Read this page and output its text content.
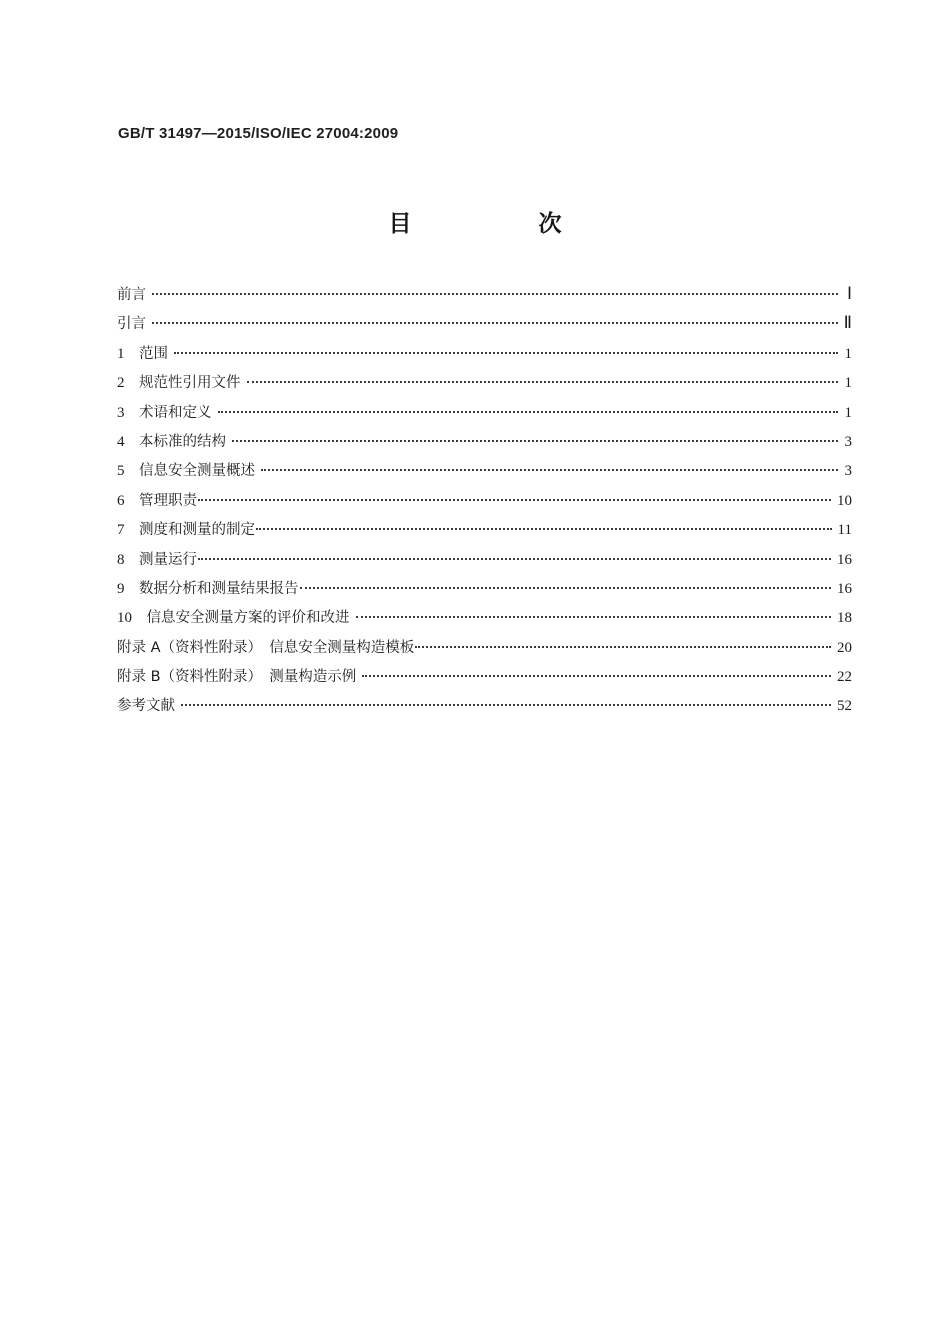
GB/T 31497—2015/ISO/IEC 27004:2009
目　次
前言	Ⅰ
引言	Ⅱ
1　 范围	1
2　 规范性引用文件	1
3　 术语和定义	1
4　 本标准的结构	3
5　 信息安全测量概述	3
6　 管理职责	10
7　 测度和测量的制定	11
8　 测量运行	16
9　 数据分析和测量结果报告	16
10　 信息安全测量方案的评价和改进	18
附录 A（资料性附录）　信息安全测量构造模板	20
附录 B（资料性附录）　测量构造示例	22
参考文献	52
